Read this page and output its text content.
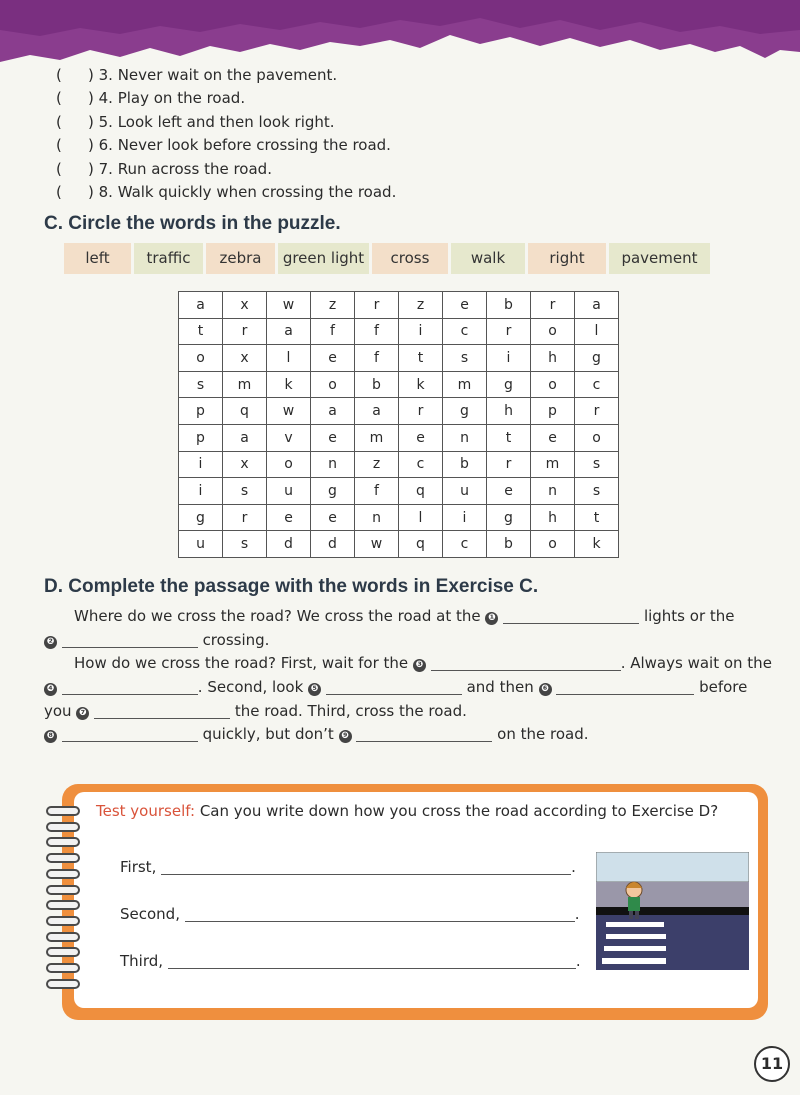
( ) 3. Never wait on the pavement.
( ) 4. Play on the road.
( ) 5. Look left and then look right.
( ) 6. Never look before crossing the road.
( ) 7. Run across the road.
( ) 8. Walk quickly when crossing the road.
C. Circle the words in the puzzle.
left	traffic	zebra	green light	cross	walk	right	pavement
a	x	w	z	r	z	e	b	r	a
t	r	a	f	f	i	c	r	o	l
o	x	l	e	f	t	s	i	h	g
s	m	k	o	b	k	m	g	o	c
p	q	w	a	a	r	g	h	p	r
p	a	v	e	m	e	n	t	e	o
i	x	o	n	z	c	b	r	m	s
i	s	u	g	f	q	u	e	n	s
g	r	e	e	n	l	i	g	h	t
u	s	d	d	w	q	c	b	o	k
D. Complete the passage with the words in Exercise C.
Where do we cross the road? We cross the road at the ❶	lights or the
❷	crossing.
How do we cross the road? First, wait for the ❸	. Always wait on the
❹	. Second, look ❺	and then ❻	before
you ❼	the road. Third, cross the road.
❽	quickly, but don’t ❾	on the road.
Test yourself: Can you write down how you cross the road according to Exercise D?
First,	.
Second,	.
Third,	.
11
